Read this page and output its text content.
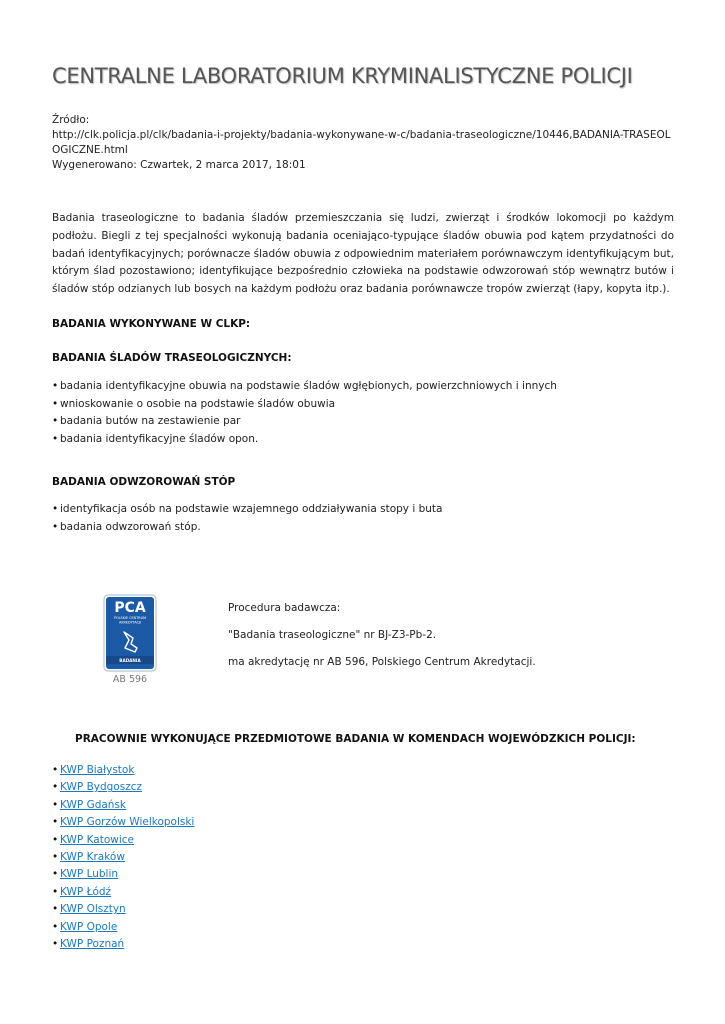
CENTRALNE LABORATORIUM KRYMINALISTYCZNE POLICJI
Źródło:
http://clk.policja.pl/clk/badania-i-projekty/badania-wykonywane-w-c/badania-traseologiczne/10446,BADANIA-TRASEOLOGICZNE.html
Wygenerowano: Czwartek, 2 marca 2017, 18:01

Badania traseologiczne to badania śladów przemieszczania się ludzi, zwierząt i środków lokomocji po każdym podłożu. Biegli z tej specjalności wykonują badania oceniająco-typujące śladów obuwia pod kątem przydatności do badań identyfikacyjnych; porównacze śladów obuwia z odpowiednim materiałem porównawczym identyfikującym but, którym ślad pozostawiono; identyfikujące bezpośrednio człowieka na podstawie odwzorowań stóp wewnątrz butów i śladów stóp odzianych lub bosych na każdym podłożu oraz badania porównawcze tropów zwierząt (łapy, kopyta itp.).

BADANIA WYKONYWANE W CLKP:
BADANIA ŚLADÓW TRASEOLOGICZNYCH:
• badania identyfikacyjne obuwia na podstawie śladów wgłębionych, powierzchniowych i innych
• wnioskowanie o osobie na podstawie śladów obuwia
• badania butów na zestawienie par
• badania identyfikacyjne śladów opon.
BADANIA ODWZOROWAŃ STÓP
• identyfikacja osób na podstawie wzajemnego oddziaływania stopy i buta
• badania odwzorowań stóp.
PCA
POLSKIE CENTRUM
AKREDYTACJI
BADANIA
AB 596

Procedura badawcza:

"Badania traseologiczne" nr BJ-Z3-Pb-2.

ma akredytację nr AB 596, Polskiego Centrum Akredytacji.

PRACOWNIE WYKONUJĄCE PRZEDMIOTOWE BADANIA W KOMENDACH WOJEWÓDZKICH POLICJI:
• KWP Białystok
• KWP Bydgoszcz
• KWP Gdańsk
• KWP Gorzów Wielkopolski
• KWP Katowice
• KWP Kraków
• KWP Lublin
• KWP Łódź
• KWP Olsztyn
• KWP Opole
• KWP Poznań
